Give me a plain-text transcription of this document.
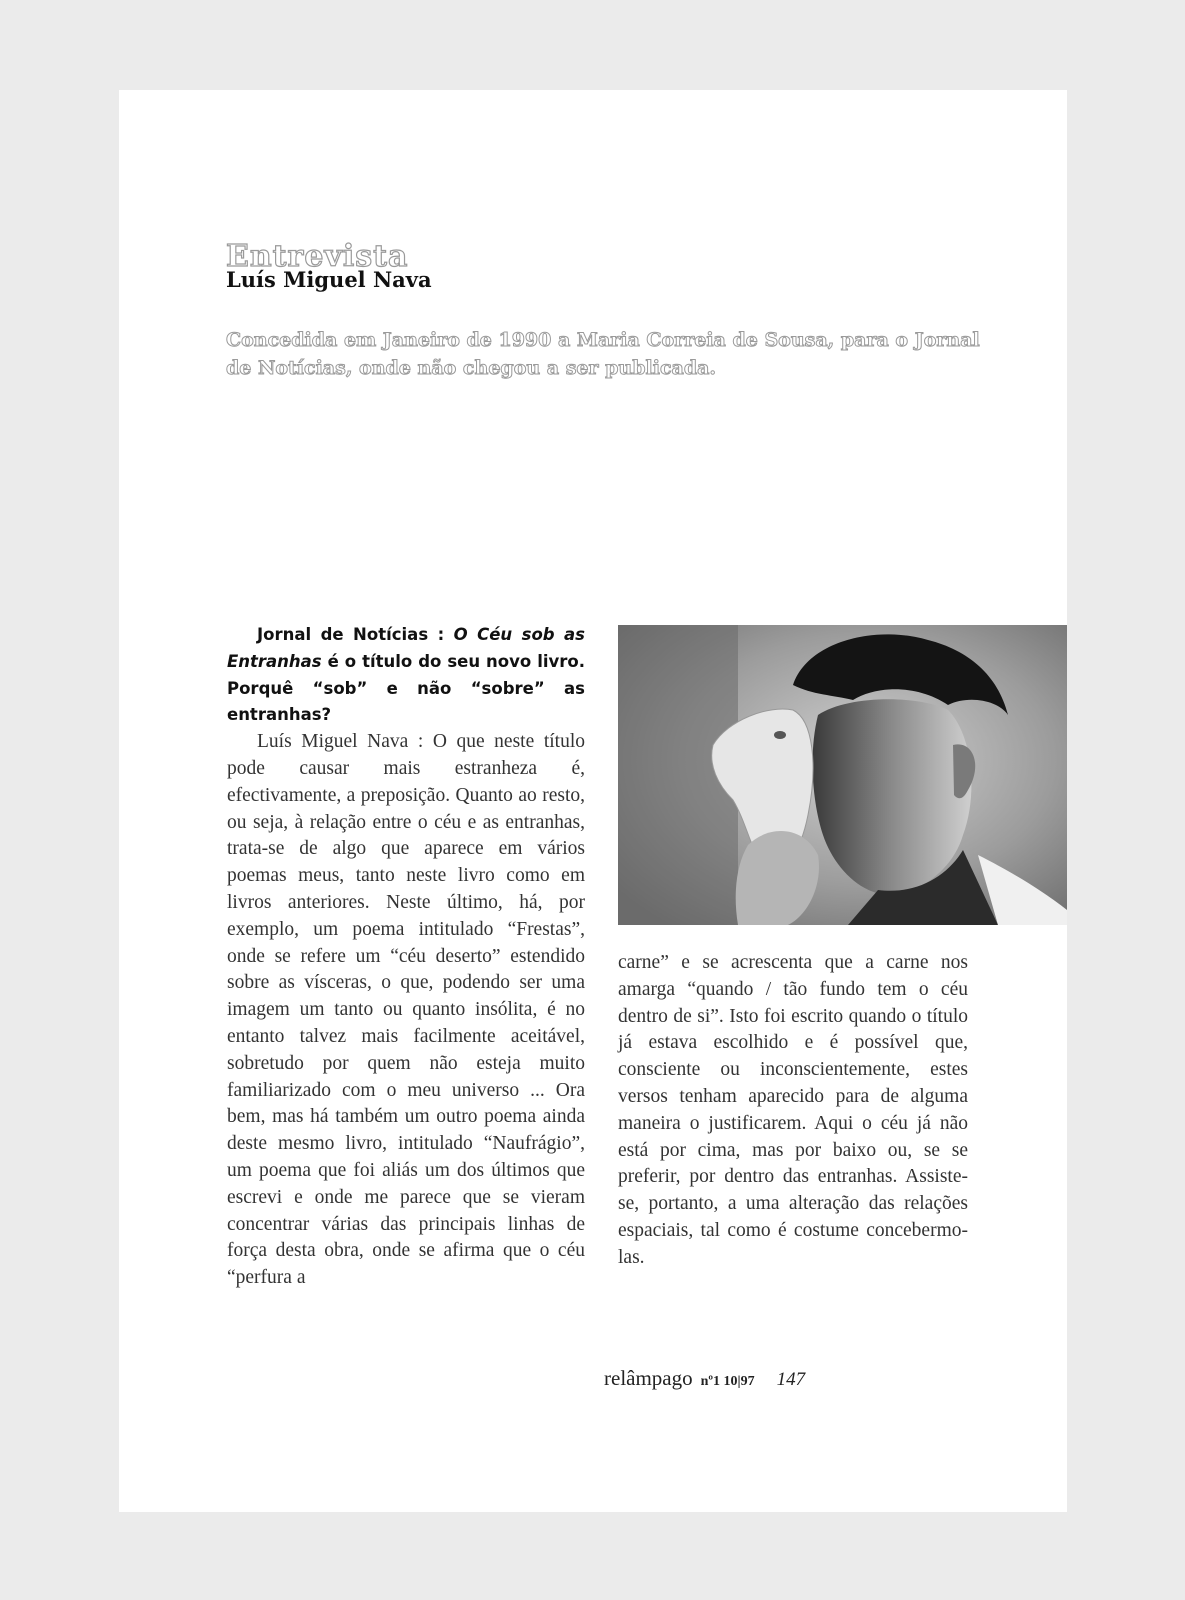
Entrevista
Luís Miguel Nava
Concedida em Janeiro de 1990 a Maria Correia de Sousa, para o Jornal de Notícias, onde não chegou a ser publicada.

Jornal de Notícias : O Céu sob as Entranhas é o título do seu novo livro. Porquê “sob” e não “sobre” as entranhas?

Luís Miguel Nava : O que neste título pode causar mais estranheza é, efectivamente, a preposição. Quanto ao resto, ou seja, à relação entre o céu e as entranhas, trata-se de algo que aparece em vários poemas meus, tanto neste livro como em livros anteriores. Neste último, há, por exemplo, um poema intitulado “Frestas”, onde se refere um “céu deserto” estendido sobre as vísceras, o que, podendo ser uma imagem um tanto ou quanto insólita, é no entanto talvez mais facilmente aceitável, sobretudo por quem não esteja muito familiarizado com o meu universo ... Ora bem, mas há também um outro poema ainda deste mesmo livro, intitulado “Naufrágio”, um poema que foi aliás um dos últimos que escrevi e onde me parece que se vieram concentrar várias das principais linhas de força desta obra, onde se afirma que o céu “perfura a

carne” e se acrescenta que a carne nos amarga “quando / tão fundo tem o céu dentro de si”. Isto foi escrito quando o título já estava escolhido e é possível que, consciente ou inconscientemente, estes versos tenham aparecido para de alguma maneira o justificarem. Aqui o céu já não está por cima, mas por baixo ou, se se preferir, por dentro das entranhas. Assiste-se, portanto, a uma alteração das relações espaciais, tal como é costume concebermo-las.

relâmpago nº1 10|97 147
